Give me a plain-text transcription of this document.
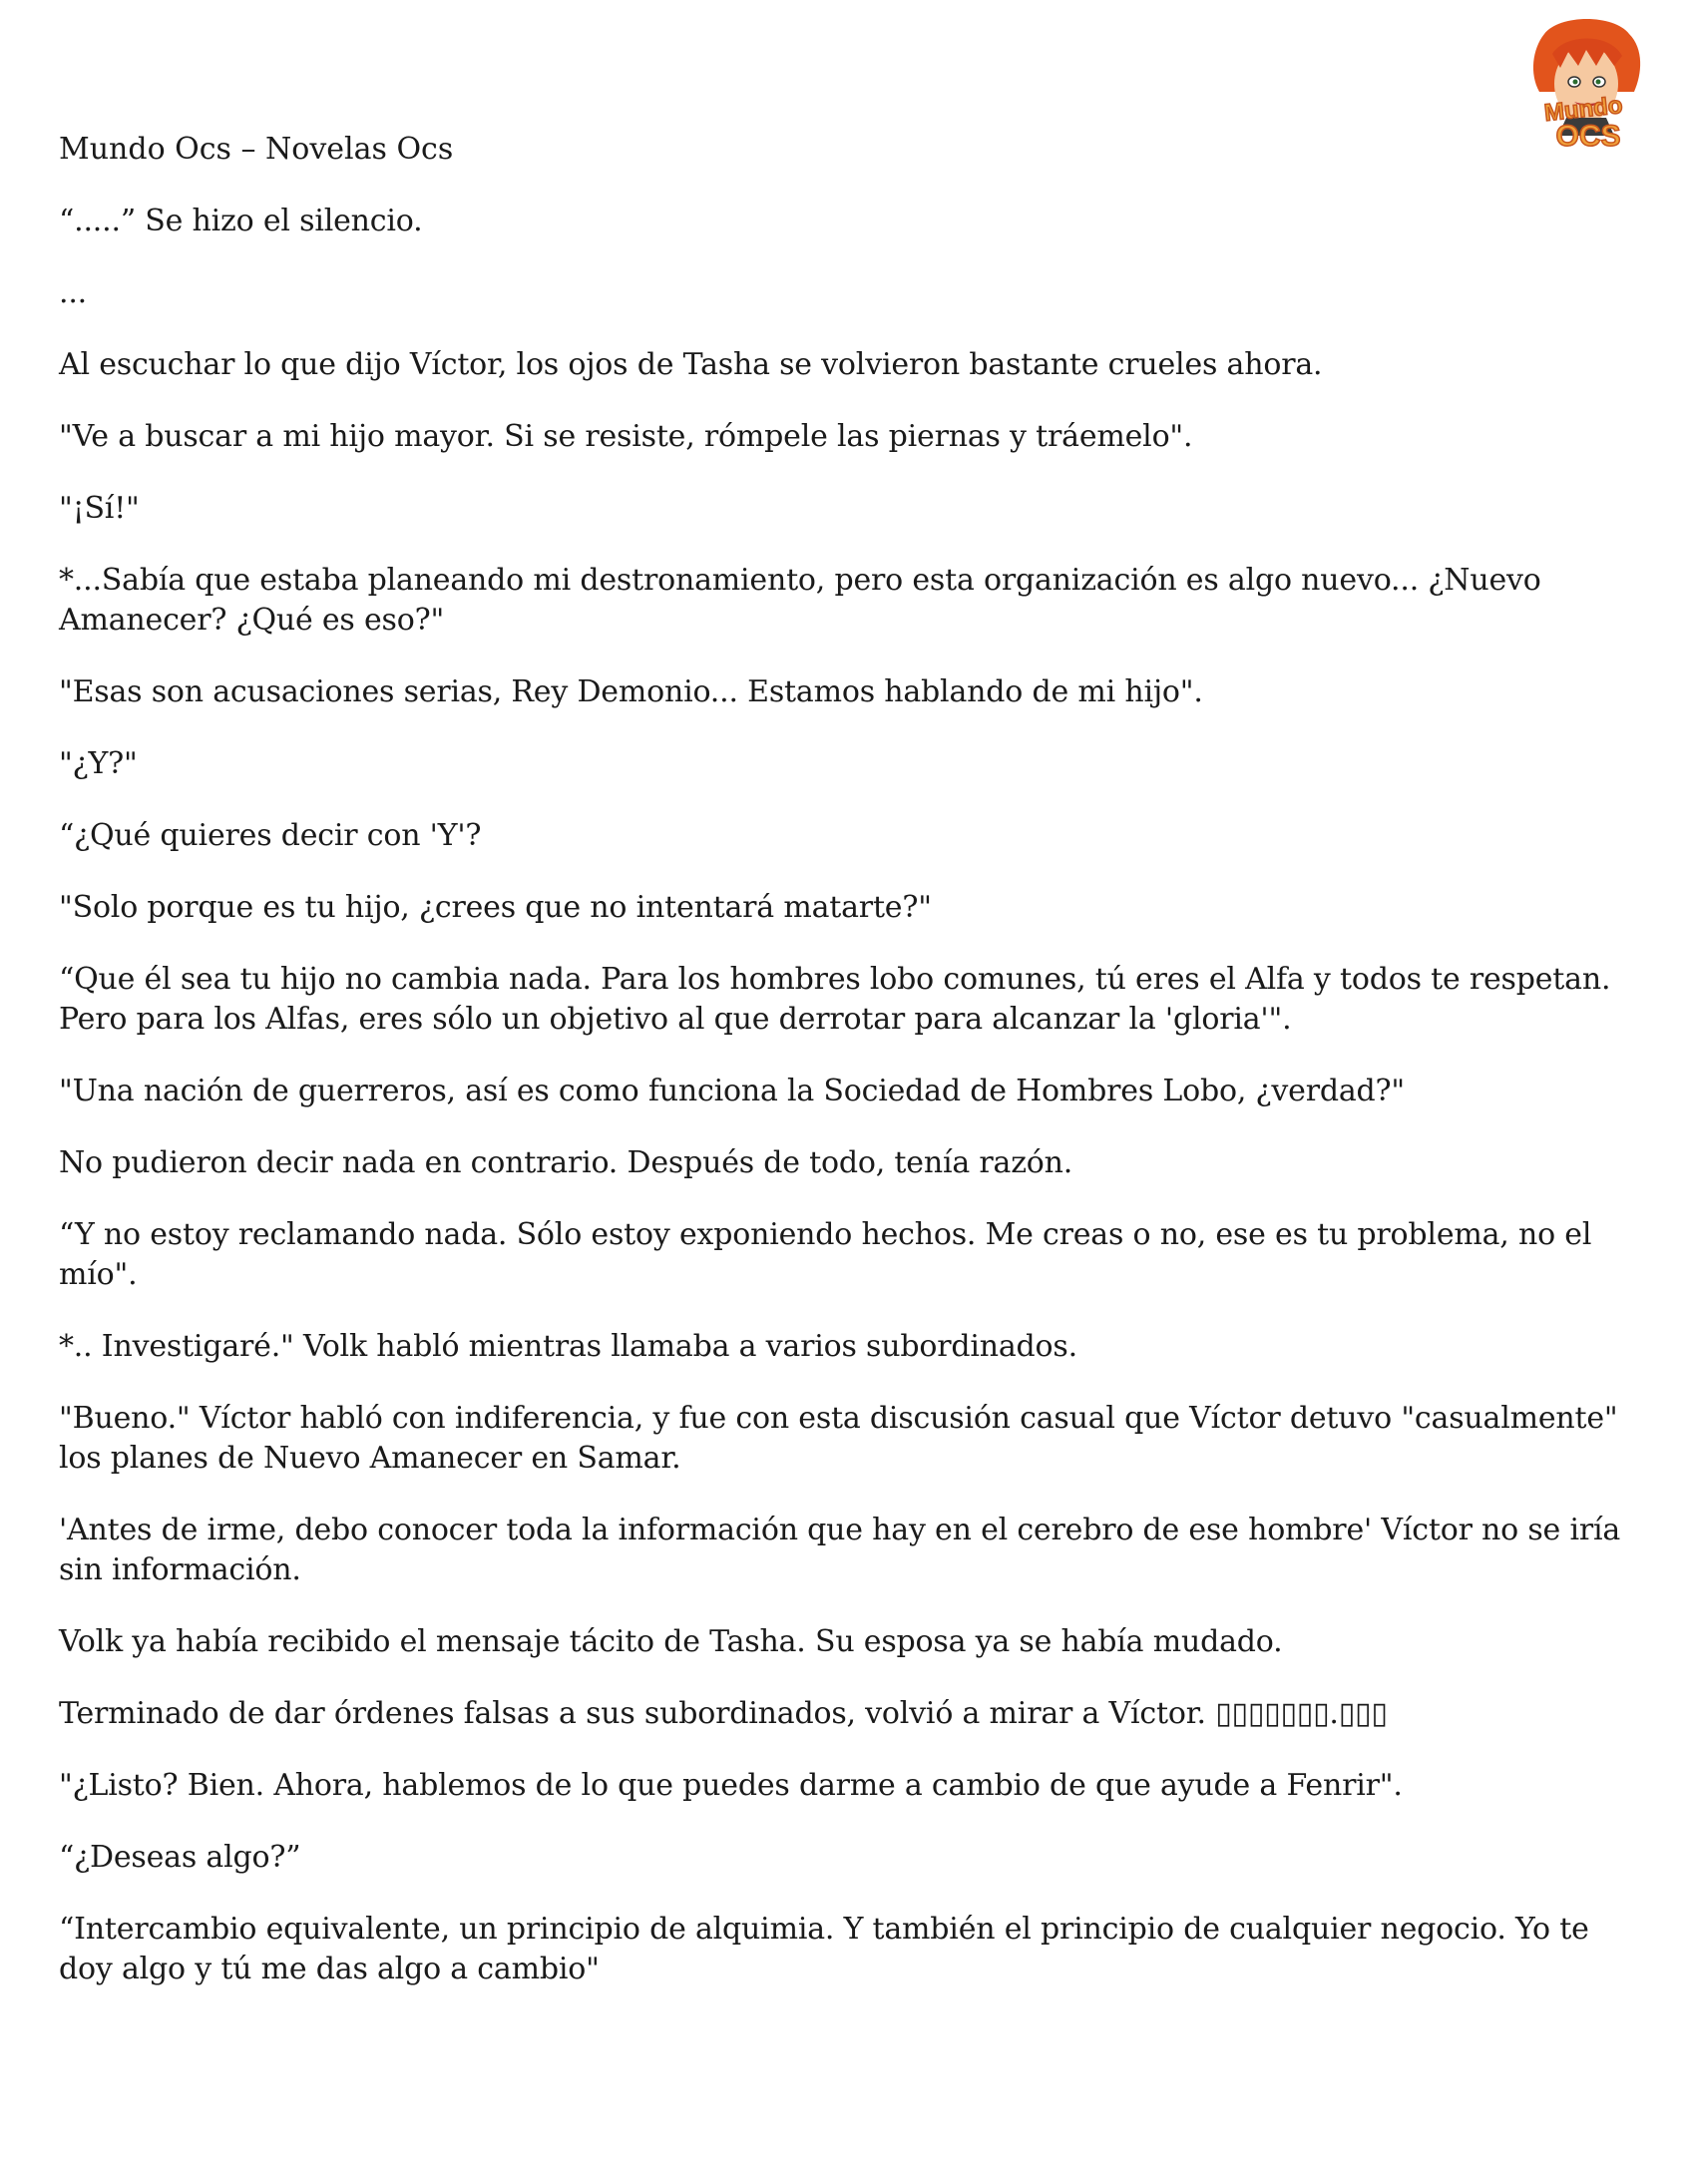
Mundo Ocs – Novelas Ocs
Mundo
OCS

“.....” Se hizo el silencio.

...

Al escuchar lo que dijo Víctor, los ojos de Tasha se volvieron bastante crueles ahora.

"Ve a buscar a mi hijo mayor. Si se resiste, rómpele las piernas y tráemelo".

"¡Sí!"

*...Sabía que estaba planeando mi destronamiento, pero esta organización es algo nuevo... ¿Nuevo Amanecer? ¿Qué es eso?"

"Esas son acusaciones serias, Rey Demonio... Estamos hablando de mi hijo".

"¿Y?"

“¿Qué quieres decir con 'Y'?

"Solo porque es tu hijo, ¿crees que no intentará matarte?"

“Que él sea tu hijo no cambia nada. Para los hombres lobo comunes, tú eres el Alfa y todos te respetan. Pero para los Alfas, eres sólo un objetivo al que derrotar para alcanzar la 'gloria'".

"Una nación de guerreros, así es como funciona la Sociedad de Hombres Lobo, ¿verdad?"

No pudieron decir nada en contrario. Después de todo, tenía razón.

“Y no estoy reclamando nada. Sólo estoy exponiendo hechos. Me creas o no, ese es tu problema, no el mío".

*.. Investigaré." Volk habló mientras llamaba a varios subordinados.

"Bueno." Víctor habló con indiferencia, y fue con esta discusión casual que Víctor detuvo "casualmente" los planes de Nuevo Amanecer en Samar.

'Antes de irme, debo conocer toda la información que hay en el cerebro de ese hombre' Víctor no se iría sin información.

Volk ya había recibido el mensaje tácito de Tasha. Su esposa ya se había mudado.

Terminado de dar órdenes falsas a sus subordinados, volvió a mirar a Víctor. ▯▯▯▯▯▯▯.▯▯▯

"¿Listo? Bien. Ahora, hablemos de lo que puedes darme a cambio de que ayude a Fenrir".

“¿Deseas algo?”

“Intercambio equivalente, un principio de alquimia. Y también el principio de cualquier negocio. Yo te doy algo y tú me das algo a cambio"
